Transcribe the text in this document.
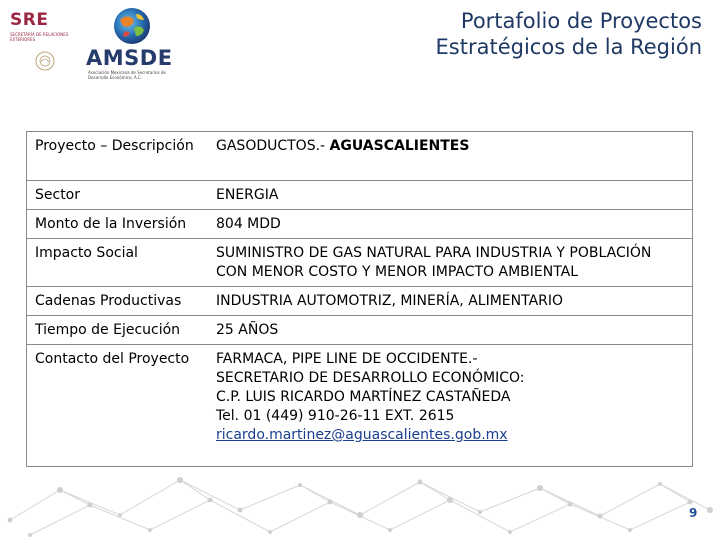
SRE
SECRETARÍA DE RELACIONES EXTERIORES
AMSDE
Asociación Mexicana de Secretarios de Desarrollo Económico, A.C.
Portafolio de Proyectos
Estratégicos de la Región
Proyecto – Descripción	GASODUCTOS.- AGUASCALIENTES
Sector	ENERGIA
Monto de la Inversión	804 MDD
Impacto Social	SUMINISTRO DE GAS NATURAL PARA INDUSTRIA Y POBLACIÓN CON MENOR COSTO Y MENOR IMPACTO AMBIENTAL
Cadenas Productivas	INDUSTRIA AUTOMOTRIZ, MINERÍA, ALIMENTARIO
Tiempo de Ejecución	25 AÑOS
Contacto del Proyecto	FARMACA, PIPE LINE DE OCCIDENTE.-
SECRETARIO DE DESARROLLO ECONÓMICO:
C.P. LUIS RICARDO MARTÍNEZ CASTAÑEDA
Tel. 01 (449) 910-26-11 EXT. 2615
ricardo.martinez@aguascalientes.gob.mx
9
